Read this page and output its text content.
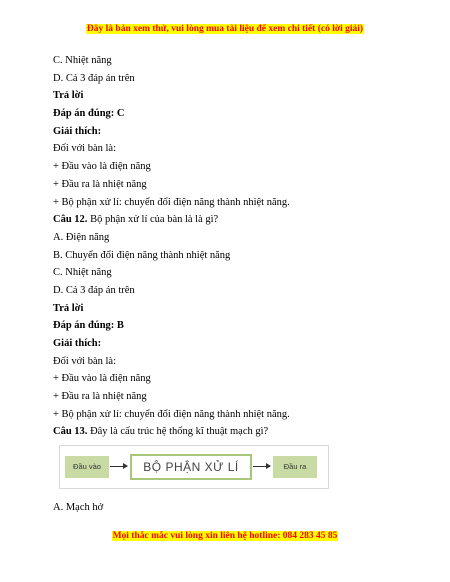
Đây là bản xem thử, vui lòng mua tài liệu để xem chi tiết (có lời giải)
C. Nhiệt năng
D. Cả 3 đáp án trên
Trả lời
Đáp án đúng: C
Giải thích:
Đối với bàn là:
+ Đầu vào là điện năng
+ Đầu ra là nhiệt năng
+ Bộ phận xử lí: chuyển đổi điện năng thành nhiệt năng.
Câu 12. Bộ phận xử lí của bàn là là gì?
A. Điện năng
B. Chuyển đổi điện năng thành nhiệt năng
C. Nhiệt năng
D. Cả 3 đáp án trên
Trả lời
Đáp án đúng: B
Giải thích:
Đối với bàn là:
+ Đầu vào là điện năng
+ Đầu ra là nhiệt năng
+ Bộ phận xử lí: chuyển đổi điện năng thành nhiệt năng.
Câu 13. Đây là cấu trúc hệ thống kĩ thuật mạch gì?
Đầu vào	BỘ PHẬN XỬ LÍ	Đầu ra
A. Mạch hở
Mọi thắc mắc vui lòng xin liên hệ hotline: 084 283 45 85
